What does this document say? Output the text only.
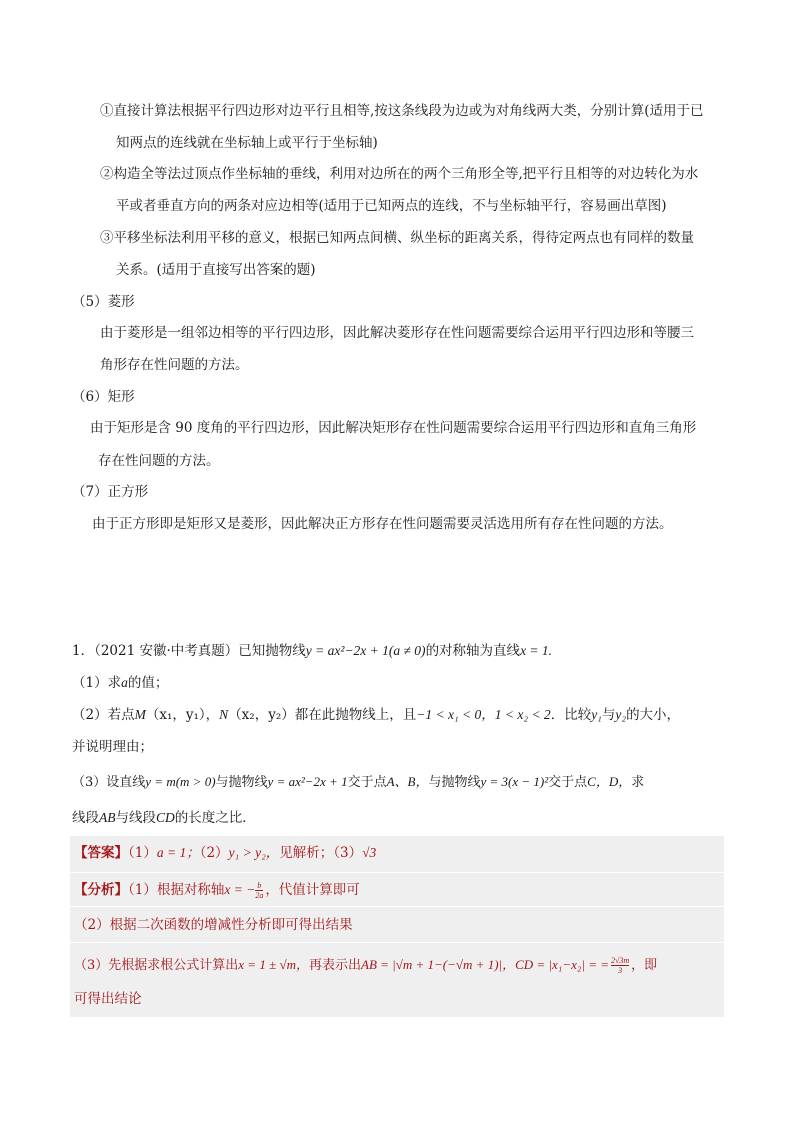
①直接计算法根据平行四边形对边平行且相等,按这条线段为边或为对角线两大类，分别计算(适用于已
知两点的连线就在坐标轴上或平行于坐标轴)
②构造全等法过顶点作坐标轴的垂线，利用对边所在的两个三角形全等,把平行且相等的对边转化为水
平或者垂直方向的两条对应边相等(适用于已知两点的连线，不与坐标轴平行，容易画出草图)
③平移坐标法利用平移的意义，根据已知两点间横、纵坐标的距离关系，得待定两点也有同样的数量
关系。(适用于直接写出答案的题)
（5）菱形
由于菱形是一组邻边相等的平行四边形，因此解决菱形存在性问题需要综合运用平行四边形和等腰三
角形存在性问题的方法。
（6）矩形
由于矩形是含 90 度角的平行四边形，因此解决矩形存在性问题需要综合运用平行四边形和直角三角形
存在性问题的方法。
（7）正方形
由于正方形即是矩形又是菱形，因此解决正方形存在性问题需要灵活选用所有存在性问题的方法。
1．（2021 安徽·中考真题）已知抛物线y = ax²−2x + 1(a ≠ 0)的对称轴为直线x = 1.
（1）求a的值；
（2）若点M（x₁，y₁），N（x₂，y₂）都在此抛物线上，且−1 < x₁ < 0，1 < x₂ < 2．比较y₁与y₂的大小，
并说明理由；
（3）设直线y = m(m > 0)与抛物线y = ax²−2x + 1交于点A、B，与抛物线y = 3(x − 1)²交于点C，D，求
线段AB与线段CD的长度之比．
【答案】（1）a = 1；（2）y₁ > y₂，见解析；（3）√3
【分析】（1）根据对称轴x = − $\frac{b}{2a}$ ，代值计算即可
（2）根据二次函数的增减性分析即可得出结果
（3）先根据求根公式计算出x = 1 ± √m，再表示出AB = |√m + 1−(−√m + 1)|，CD = |x₁−x₂| = = $\frac{2√3m}{3}$ ，即
可得出结论
